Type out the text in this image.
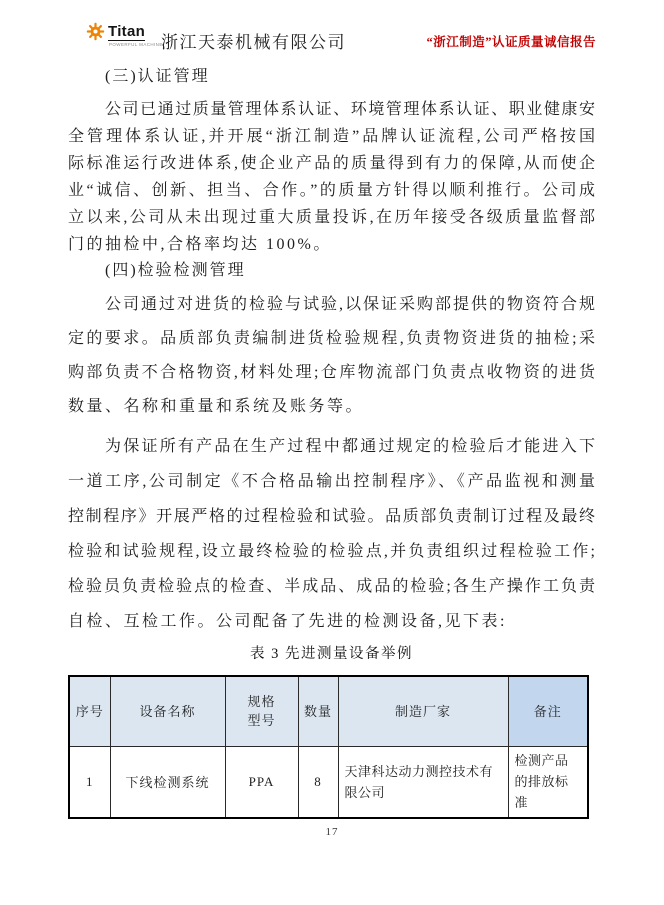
Titan
POWERFUL MACHINE
浙江天泰机械有限公司	“浙江制造”认证质量诚信报告
(三)认证管理
公司已通过质量管理体系认证、环境管理体系认证、职业健康安
全管理体系认证,并开展“浙江制造”品牌认证流程,公司严格按国
际标准运行改进体系,使企业产品的质量得到有力的保障,从而使企
业“诚信、创新、担当、合作。”的质量方针得以顺利推行。公司成
立以来,公司从未出现过重大质量投诉,在历年接受各级质量监督部
门的抽检中,合格率均达 100%。
(四)检验检测管理
公司通过对进货的检验与试验,以保证采购部提供的物资符合规
定的要求。品质部负责编制进货检验规程,负责物资进货的抽检;采
购部负责不合格物资,材料处理;仓库物流部门负责点收物资的进货
数量、名称和重量和系统及账务等。
为保证所有产品在生产过程中都通过规定的检验后才能进入下
一道工序,公司制定《不合格品输出控制程序》、《产品监视和测量
控制程序》开展严格的过程检验和试验。品质部负责制订过程及最终
检验和试验规程,设立最终检验的检验点,并负责组织过程检验工作;
检验员负责检验点的检查、半成品、成品的检验;各生产操作工负责
自检、互检工作。公司配备了先进的检测设备,见下表:
表 3 先进测量设备举例
序号	设备名称	规格型号	数量	制造厂家	备注
1	下线检测系统	PPA	8	天津科达动力测控技术有限公司	检测产品的排放标准
17
